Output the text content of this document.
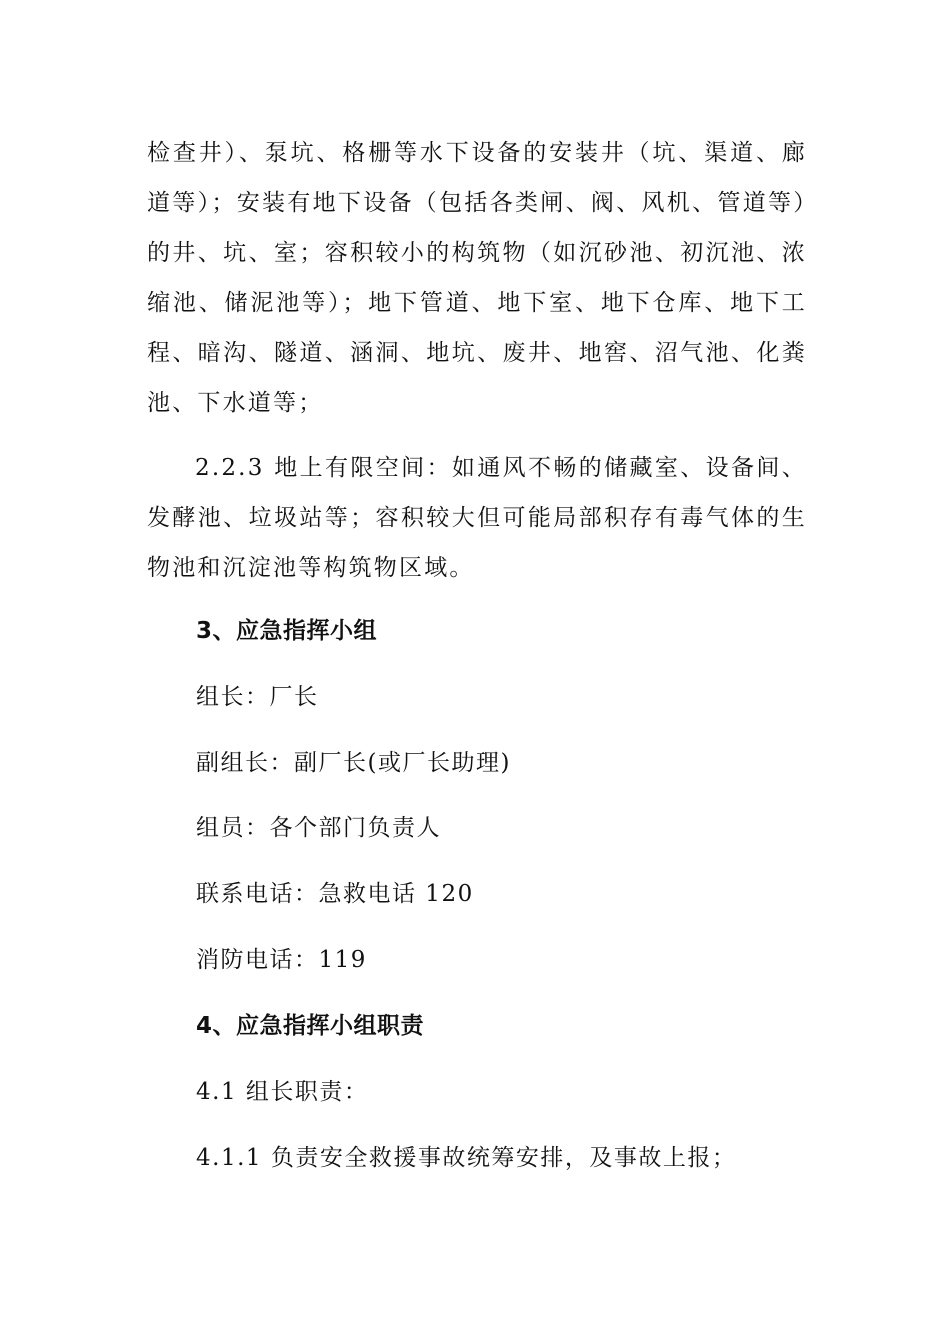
检查井）、泵坑、格栅等水下设备的安装井（坑、渠道、廊道等）；安装有地下设备（包括各类闸、阀、风机、管道等）的井、坑、室；容积较小的构筑物（如沉砂池、初沉池、浓缩池、储泥池等）；地下管道、地下室、地下仓库、地下工程、暗沟、隧道、涵洞、地坑、废井、地窖、沼气池、化粪池、下水道等；

2.2.3 地上有限空间：如通风不畅的储藏室、设备间、发酵池、垃圾站等；容积较大但可能局部积存有毒气体的生物池和沉淀池等构筑物区域。

3、应急指挥小组

组长：厂长

副组长：副厂长(或厂长助理)

组员：各个部门负责人

联系电话：急救电话 120

消防电话：119

4、应急指挥小组职责

4.1 组长职责：

4.1.1 负责安全救援事故统筹安排，及事故上报；
